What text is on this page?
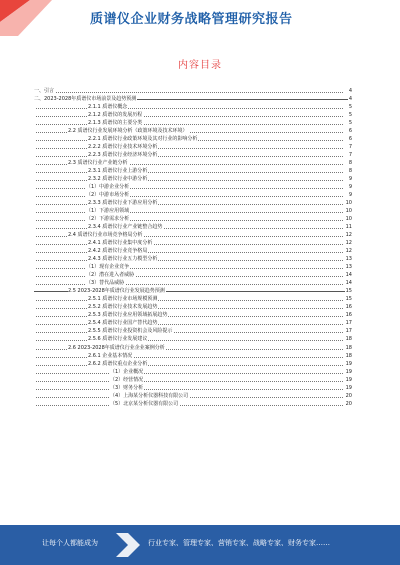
质谱仪企业财务战略管理研究报告
内容目录
一、引言	4
二、2023-2028年质谱仪市场前景及趋势预测	4
2.1.1 质谱仪概念	5
2.1.2 质谱仪的发展历程	5
2.1.3 质谱仪的主要分类	5
2.2 质谱仪行业发展环境分析（政策环境及技术环境）	6
2.2.1 质谱仪行业政策环境及其对行业的影响分析	6
2.2.2 质谱仪行业技术环境分析	7
2.2.3 质谱仪行业经济环境分析	7
2.3 质谱仪行业产业链分析	8
2.3.1 质谱仪行业上游分析	8
2.3.2 质谱仪行业中游分析	9
（1）中游企业分析	9
（2）中游市场分析	9
2.3.3 质谱仪行业下游应用分析	10
（1）下游应用领域	10
（2）下游需求分析	10
2.3.4 质谱仪行业产业链整合趋势	11
2.4 质谱仪行业市场竞争格局分析	12
2.4.1 质谱仪行业集中度分析	12
2.4.2 质谱仪行业竞争格局	12
2.4.3 质谱仪行业五力模型分析	13
（1）现有企业竞争	13
（2）潜在进入者威胁	14
（3）替代品威胁	14
2.5 2023-2028年质谱仪行业发展趋势预测	15
2.5.1 质谱仪行业市场规模预测	15
2.5.2 质谱仪行业技术发展趋势	16
2.5.3 质谱仪行业应用领域拓展趋势	16
2.5.4 质谱仪行业国产替代趋势	17
2.5.5 质谱仪行业投资机会及风险提示	17
2.5.6 质谱仪行业发展建议	18
2.6 2023-2028年质谱仪行业企业案例分析	18
2.6.1 企业基本情况	18
2.6.2 质谱仪重点企业分析	19
（1）企业概况	19
（2）经营情况	19
（3）财务分析	19
（4）上海某分析仪器科技有限公司	20
（5）北京某分析仪器有限公司	20
让每个人都能成为	行业专家、管理专家、营销专家、战略专家、财务专家……
